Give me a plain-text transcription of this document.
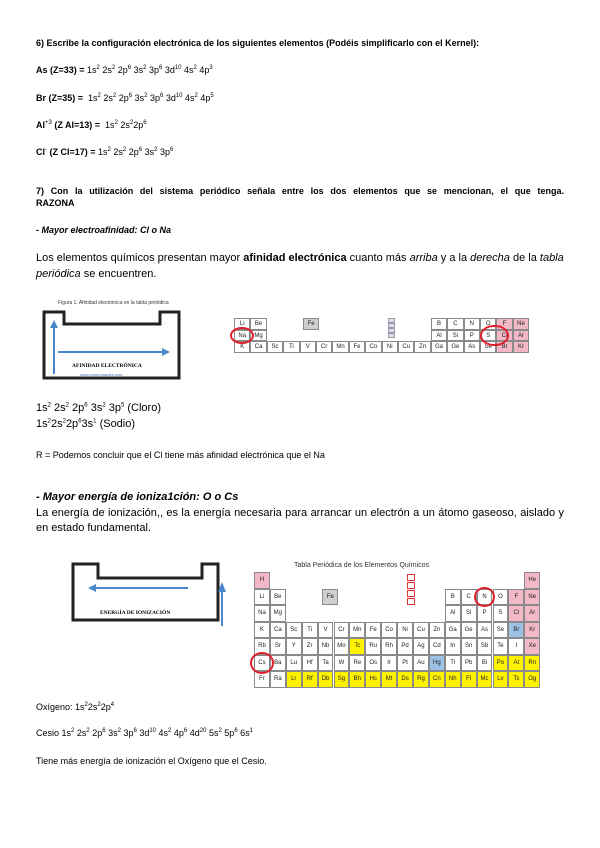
6) Escribe la configuración electrónica de los siguientes elementos (Podéis simplificarlo con el Kernel):
As $(Z=33) = 1s^2$ $2s^2$ $2p^6$ $3s^2$ $3p^6$ $3d^{10}$ $4s^2$ $4p^3$
Br $(Z=35) = 1s^2$ $2s^2$ $2p^6$ $3s^2$ $3p^6$ $3d^{10}$ $4s^2$ $4p^5$
$Al^{+3}$ (Z $Al=13) = 1s^2$ $2s^22p^6$
Cl- (Z $Cl=17) = 1s^2$ $2s^2$ $2p^6$ $3s^2$ $3p^6$
7) Con la utilización del sistema periódico señala entre los dos elementos que se mencionan, el que tenga.
RAZONA
- Mayor electroafinidad: Cl o Na
Los elementos químicos presentan mayor afinidad electrónica cuanto más arriba y a la derecha de la tabla periódica se encuentren.
Figura 1. Afinidad electrónica en la tabla periódica
AFINIDAD ELECTRÓNICA
www.cuberonautes.com
Li	Be	B	C	N	O	F	Ne
Na	Mg	Al	Si	P	S	Cl	Ar
K	Ca	Sc	Ti	V	Cr	Mn	Fe	Co	Ni	Cu	Zn	Ga	Ge	As	Se	Br	Kr
Fe
$1s^2$ $2s^2$ $2p^6$ $3s^2$ $3p^5$ (Cloro)
$1s^22s^22p^63s^1$ (Sodio)
R = Podemos concluir que el Cl tiene más afinidad electrónica que el Na
- Mayor energía de ioniza1ción: O o Cs
La energía de ionización,, es la energía necesaria para arrancar un electrón a un átomo gaseoso, aislado y en estado fundamental.
ENERGÍA DE IONIZACIÓN
Tabla Periódica de los Elementos Químicos
H	He
Li	Be	B	C	N	O	F	Ne
Na	Mg	Al	Si	P	S	Cl	Ar
K	Ca	Sc	Ti	V	Cr	Mn	Fe	Co	Ni	Cu	Zn	Ga	Ge	As	Se	Br	Kr
Rb	Sr	Y	Zr	Nb	Mo	Tc	Ru	Rh	Pd	Ag	Cd	In	Sn	Sb	Te	I	Xe
Cs	Ba	Lu	Hf	Ta	W	Re	Os	Ir	Pt	Au	Hg	Tl	Pb	Bi	Po	At	Rn
Fr	Ra	Lr	Rf	Db	Sg	Bh	Hs	Mt	Ds	Rg	Cn	Nh	Fl	Mc	Lv	Ts	Og
Fe
Oxígeno: $1s^22s^22p^4$
Cesio $1s^2$ $2s^2$ $2p^6$ $3s^2$ $3p^6$ $3d^{10}$ $4s^2$ $4p^6$ $4d^{20}$ $5s^2$ $5p^6$ $6s^1$
Tiene más energía de ionización el Oxígeno que el Cesio.
